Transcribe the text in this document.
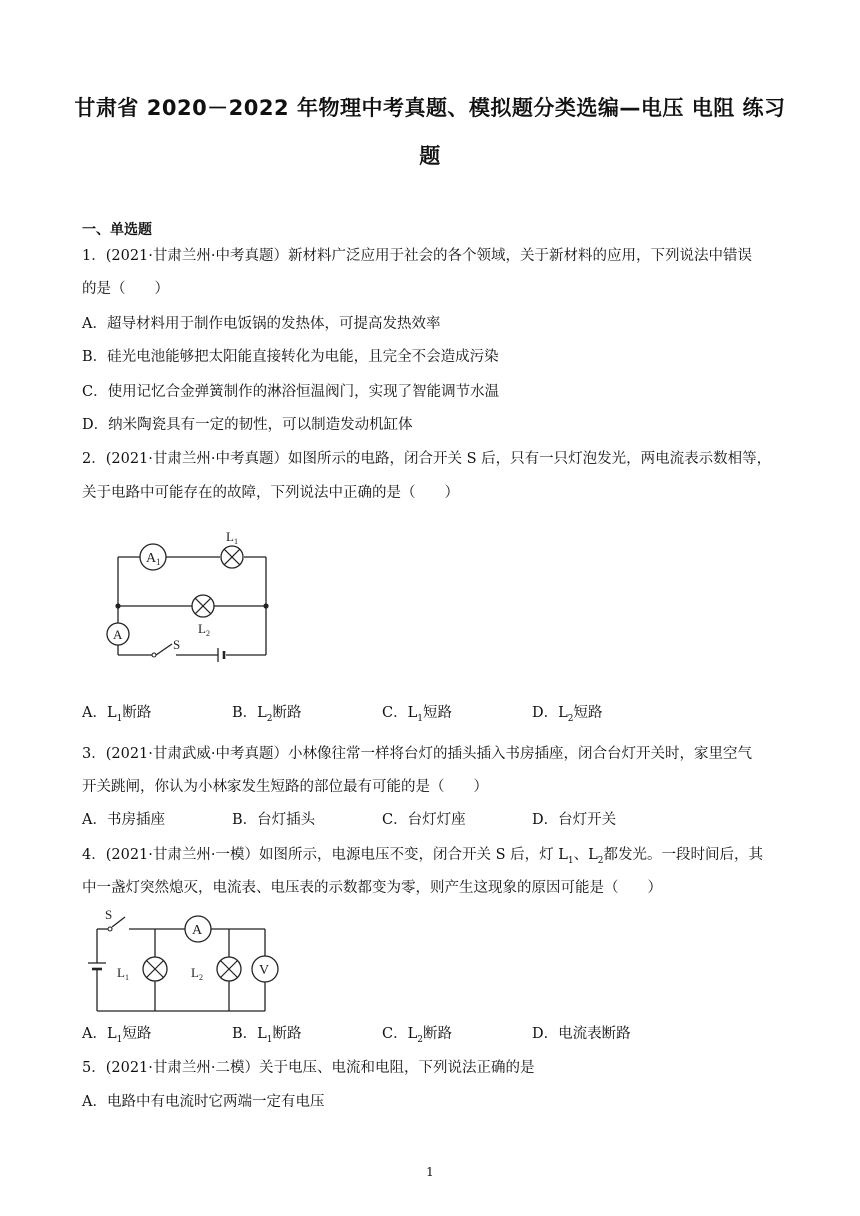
甘肃省 2020－2022 年物理中考真题、模拟题分类选编—电压 电阻 练习
题
一、单选题
1．(2021·甘肃兰州·中考真题）新材料广泛应用于社会的各个领域，关于新材料的应用，下列说法中错误
的是（　　）
A．超导材料用于制作电饭锅的发热体，可提高发热效率
B．硅光电池能够把太阳能直接转化为电能，且完全不会造成污染
C．使用记忆合金弹簧制作的淋浴恒温阀门，实现了智能调节水温
D．纳米陶瓷具有一定的韧性，可以制造发动机缸体
2．(2021·甘肃兰州·中考真题）如图所示的电路，闭合开关 S 后，只有一只灯泡发光，两电流表示数相等，
关于电路中可能存在的故障，下列说法中正确的是（　　）
A 1
L 1
L 2
A
S
A．$L_1$断路	B．$L_2$断路	C．$L_1$短路	D．$L_2$短路
3．(2021·甘肃武威·中考真题）小林像往常一样将台灯的插头插入书房插座，闭合台灯开关时，家里空气
开关跳闸，你认为小林家发生短路的部位最有可能的是（　　）
A．书房插座	B．台灯插头	C．台灯灯座	D．台灯开关
4．(2021·甘肃兰州·一模）如图所示，电源电压不变，闭合开关 S 后，灯 $L_1$、$L_2$都发光。一段时间后，其
中一盏灯突然熄灭，电流表、电压表的示数都变为零，则产生这现象的原因可能是（　　）
S
A
L 1	L 2	V
A．$L_1$短路	B．$L_1$断路	C．$L_2$断路	D．电流表断路
5．(2021·甘肃兰州·二模）关于电压、电流和电阻，下列说法正确的是
A．电路中有电流时它两端一定有电压
1
